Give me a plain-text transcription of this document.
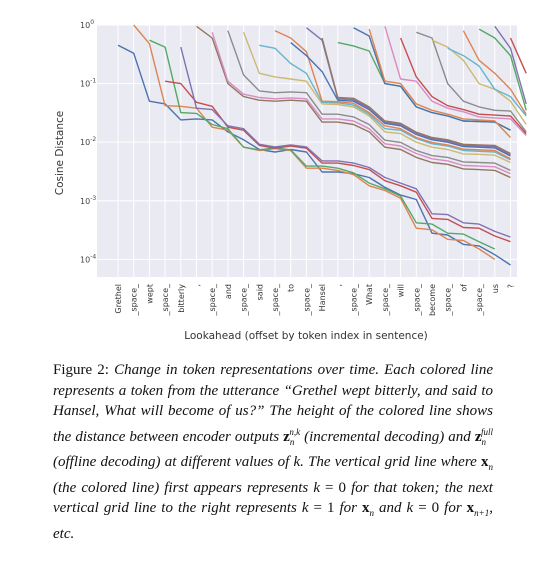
$10^0$
$10^{-1}$
$10^{-2}$
$10^{-3}$
$10^{-4}$
Grethel _space_ wept _space_ bitterly , _space_ and _space_ said _space_ to _space_ Hansel , _space_ What _space_ will _space_ become _space_ of _space_ us ?
Cosine Distance
Lookahead (offset by token index in sentence)
Figure 2: Change in token representations over time. Each colored line represents a token from the utterance “Grethel wept bitterly, and said to Hansel, What will become of us?” The height of the colored line shows the distance between encoder outputs $z_n^{n,k}$ (incremental decoding) and $z_n^{full}$ (offline decoding) at different values of k. The vertical grid line where $x_n$ (the colored line) first appears represents k = 0 for that token; the next vertical grid line to the right represents k = 1 for $x_n$ and k = 0 for $x_{n+1}$, etc.
